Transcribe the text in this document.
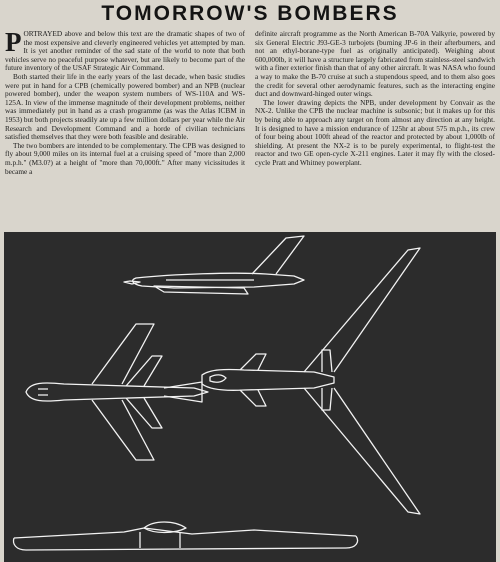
TOMORROW'S BOMBERS

PORTRAYED above and below this text are the dramatic shapes of two of the most expensive and cleverly engineered vehicles yet attempted by man. It is yet another reminder of the sad state of the world to note that both vehicles serve no peaceful purpose whatever, but are likely to become part of the future inventory of the USAF Strategic Air Command.

Both started their life in the early years of the last decade, when basic studies were put in hand for a CPB (chemically powered bomber) and an NPB (nuclear powered bomber), under the weapon system numbers of WS-110A and WS-125A. In view of the immense magnitude of their development problems, neither was immediately put in hand as a crash programme (as was the Atlas ICBM in 1953) but both projects steadily ate up a few million dollars per year while the Air Research and Development Command and a horde of civilian technicians satisfied themselves that they were both feasible and desirable.

The two bombers are intended to be complementary. The CPB was designed to fly about 9,000 miles on its internal fuel at a cruising speed of "more than 2,000 m.p.h." (M3.0?) at a height of "more than 70,000ft." After many vicissitudes it became a

definite aircraft programme as the North American B-70A Valkyrie, powered by six General Electric J93-GE-3 turbojets (burning JP-6 in their afterburners, and not an ethyl-borane-type fuel as originally anticipated). Weighing about 600,000lb, it will have a structure largely fabricated from stainless-steel sandwich with a finer exterior finish than that of any other aircraft. It was NASA who found a way to make the B-70 cruise at such a stupendous speed, and to them also goes the credit for several other aerodynamic features, such as the interacting engine duct and downward-hinged outer wings.

The lower drawing depicts the NPB, under development by Convair as the NX-2. Unlike the CPB the nuclear machine is subsonic; but it makes up for this by being able to approach any target on from almost any direction at any height. It is designed to have a mission endurance of 125hr at about 575 m.p.h., its crew of four being about 100ft ahead of the reactor and protected by about 1,000lb of shielding. At present the NX-2 is to be purely experimental, to flight-test the reactor and two GE open-cycle X-211 engines. Later it may fly with the closed-cycle Pratt and Whitney powerplant.
